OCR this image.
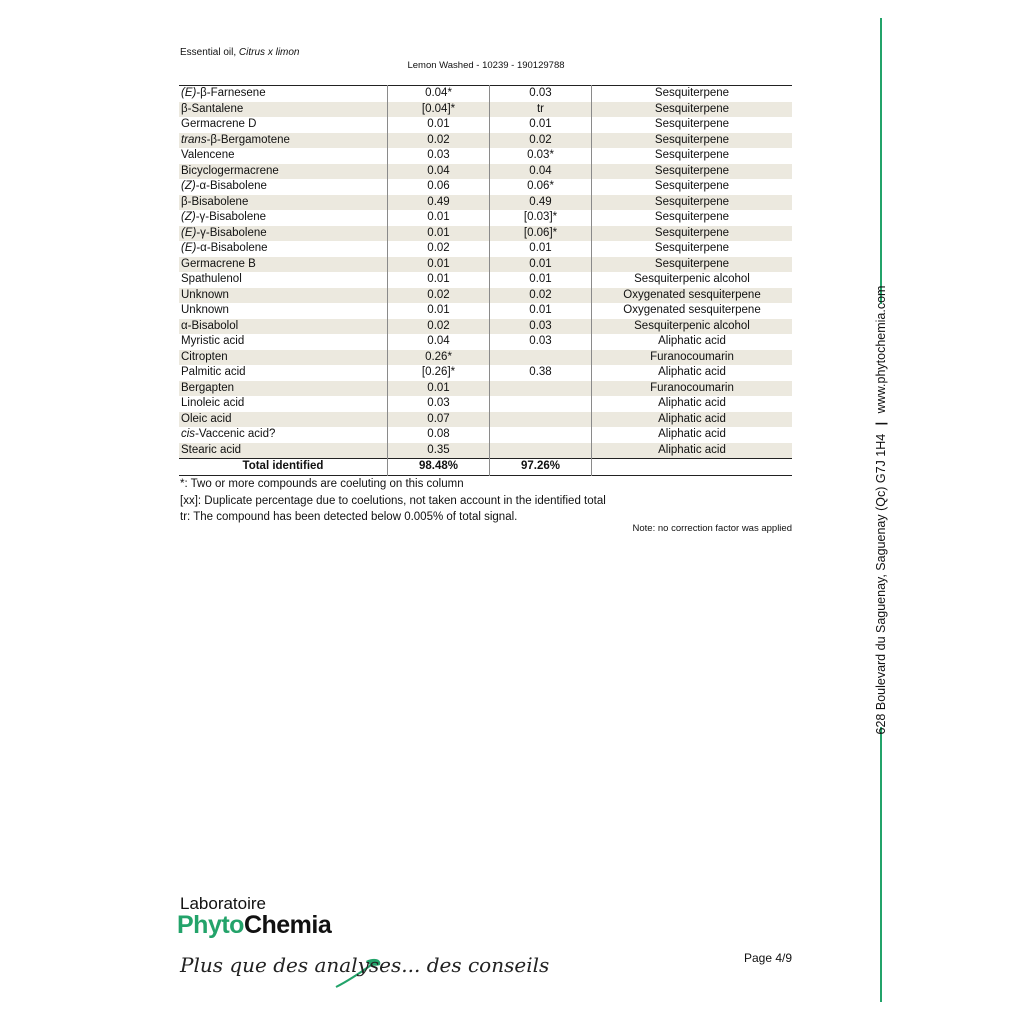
Essential oil, Citrus x limon
Lemon Washed - 10239 - 190129788
(E)-β-Farnesene	0.04*	0.03	Sesquiterpene
β-Santalene	[0.04]*	tr	Sesquiterpene
Germacrene D	0.01	0.01	Sesquiterpene
trans-β-Bergamotene	0.02	0.02	Sesquiterpene
Valencene	0.03	0.03*	Sesquiterpene
Bicyclogermacrene	0.04	0.04	Sesquiterpene
(Z)-α-Bisabolene	0.06	0.06*	Sesquiterpene
β-Bisabolene	0.49	0.49	Sesquiterpene
(Z)-γ-Bisabolene	0.01	[0.03]*	Sesquiterpene
(E)-γ-Bisabolene	0.01	[0.06]*	Sesquiterpene
(E)-α-Bisabolene	0.02	0.01	Sesquiterpene
Germacrene B	0.01	0.01	Sesquiterpene
Spathulenol	0.01	0.01	Sesquiterpenic alcohol
Unknown	0.02	0.02	Oxygenated sesquiterpene
Unknown	0.01	0.01	Oxygenated sesquiterpene
α-Bisabolol	0.02	0.03	Sesquiterpenic alcohol
Myristic acid	0.04	0.03	Aliphatic acid
Citropten	0.26*		Furanocoumarin
Palmitic acid	[0.26]*	0.38	Aliphatic acid
Bergapten	0.01		Furanocoumarin
Linoleic acid	0.03		Aliphatic acid
Oleic acid	0.07		Aliphatic acid
cis-Vaccenic acid?	0.08		Aliphatic acid
Stearic acid	0.35		Aliphatic acid
Total identified	98.48%	97.26%	
*: Two or more compounds are coeluting on this column
[xx]: Duplicate percentage due to coelutions, not taken account in the identified total
tr: The compound has been detected below 0.005% of total signal.
Note: no correction factor was applied	628 Boulevard du Saguenay, Saguenay (Qc) G7J 1H4 | www.phytochemia.com
Laboratoire
PhytoChemia
Plus que des analyses... des conseils	Page 4/9
